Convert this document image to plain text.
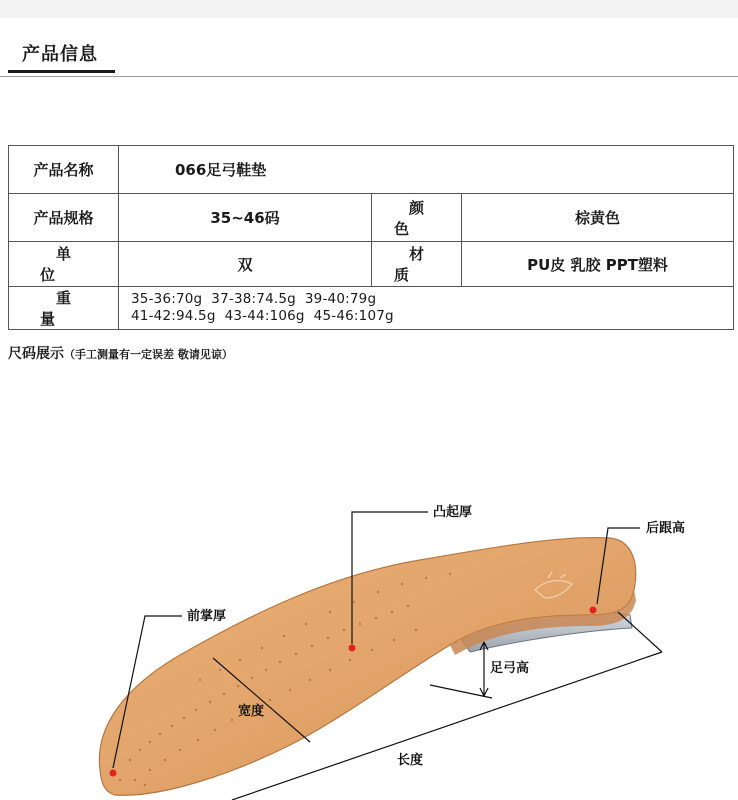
产品信息
产品名称	066足弓鞋垫		
产品规格	35~46码	颜色	棕黄色
单位	双	材质	PU皮 乳胶 PPT塑料
重量	35-36:70g  37-38:74.5g  39-40:79g
41-42:94.5g  43-44:106g  45-46:107g		
尺码展示（手工测量有一定误差 敬请见谅）
凸起厚
后跟高
前掌厚
足弓高
宽度
长度
